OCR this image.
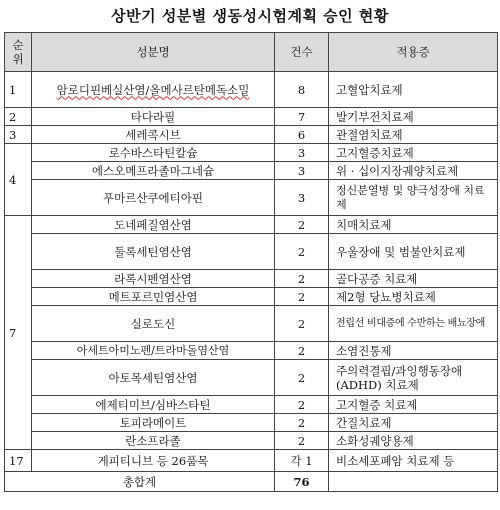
상반기 성분별 생동성시험계획 승인 현황
순위	성분명	건수	적용증
1	암로디핀베실산염/올메사르탄메독소밀	8	고혈압치료제
2	타다라필	7	발기부전치료제
3	세레콕시브	6	관절염치료제
4	로수바스타틴칼슘	3	고지혈증치료제
	에스오메프라졸마그네슘	3	위 · 십이지장궤양치료제
	푸마르산쿠에티아핀	3	정신분열병 및 양극성장애 치료제
7	도네페질염산염	2	치매치료제
	둘록세틴염산염	2	우울장애 및 범불안치료제
	라록시펜염산염	2	골다공증 치료제
	메트포르민염산염	2	제2형 당뇨병치료제
	실로도신	2	전립선 비대증에 수반하는 배뇨장애
	아세트아미노펜/트라마돌염산염	2	소염진통제
	아토목세틴염산염	2	주의력결핍/과잉행동장애(ADHD) 치료제
	에제티미브/심바스타틴	2	고지혈증 치료제
	토피라메이트	2	간질치료제
	란소프라졸	2	소화성궤양용제
17	게피티니브 등 26품목	각 1	비소세포폐암 치료제 등
총합계		76	
